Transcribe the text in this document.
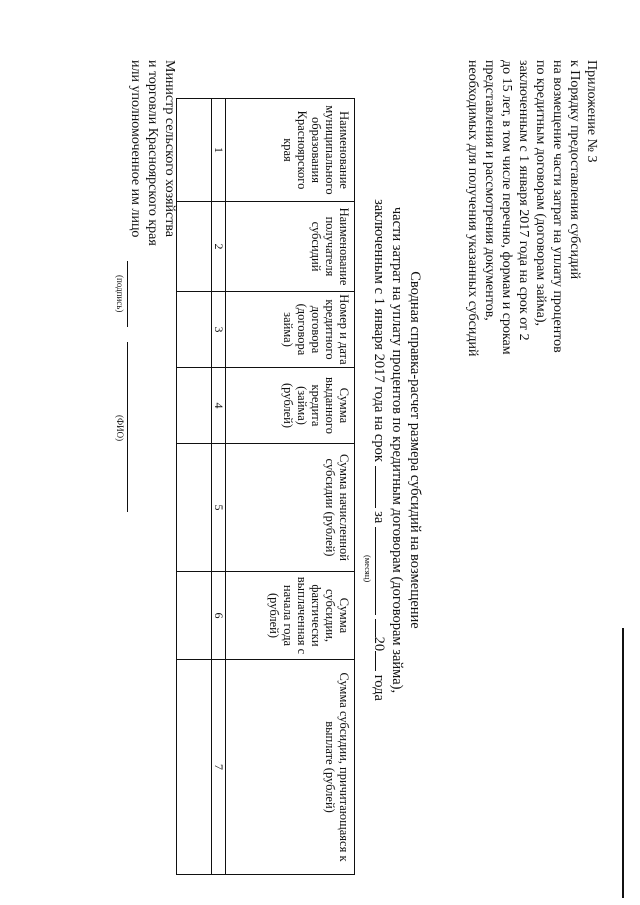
Приложение № 3
к Порядку предоставления субсидий
на возмещение части затрат на уплату процентов
по кредитным договорам (договорам займа),
заключенным с 1 января 2017 года на срок от 2
до 15 лет, в том числе перечню, формам и срокам
представления и рассмотрения документов,
необходимых для получения указанных субсидий
Сводная справка-расчет размера субсидий на возмещение
части затрат на уплату процентов по кредитным договорам (договорам займа),
заключенным с 1 января 2017 года на срок  за
(месяц)
20 года
Наименование муниципального образования Красноярского края	Наименование получателя субсидий	Номер и дата кредитного договора (договора займа)	Сумма выданного кредита (займа) (рублей)	Сумма начисленной субсидии (рублей)	Сумма субсидии, фактически выплаченная с начала года (рублей)	Сумма субсидии, причитающаяся к выплате (рублей)
1	2	3	4	5	6	7

Министр сельского хозяйства
и торговли Красноярского края
или уполномоченное им лицо
(подпись)
(ФИО)
